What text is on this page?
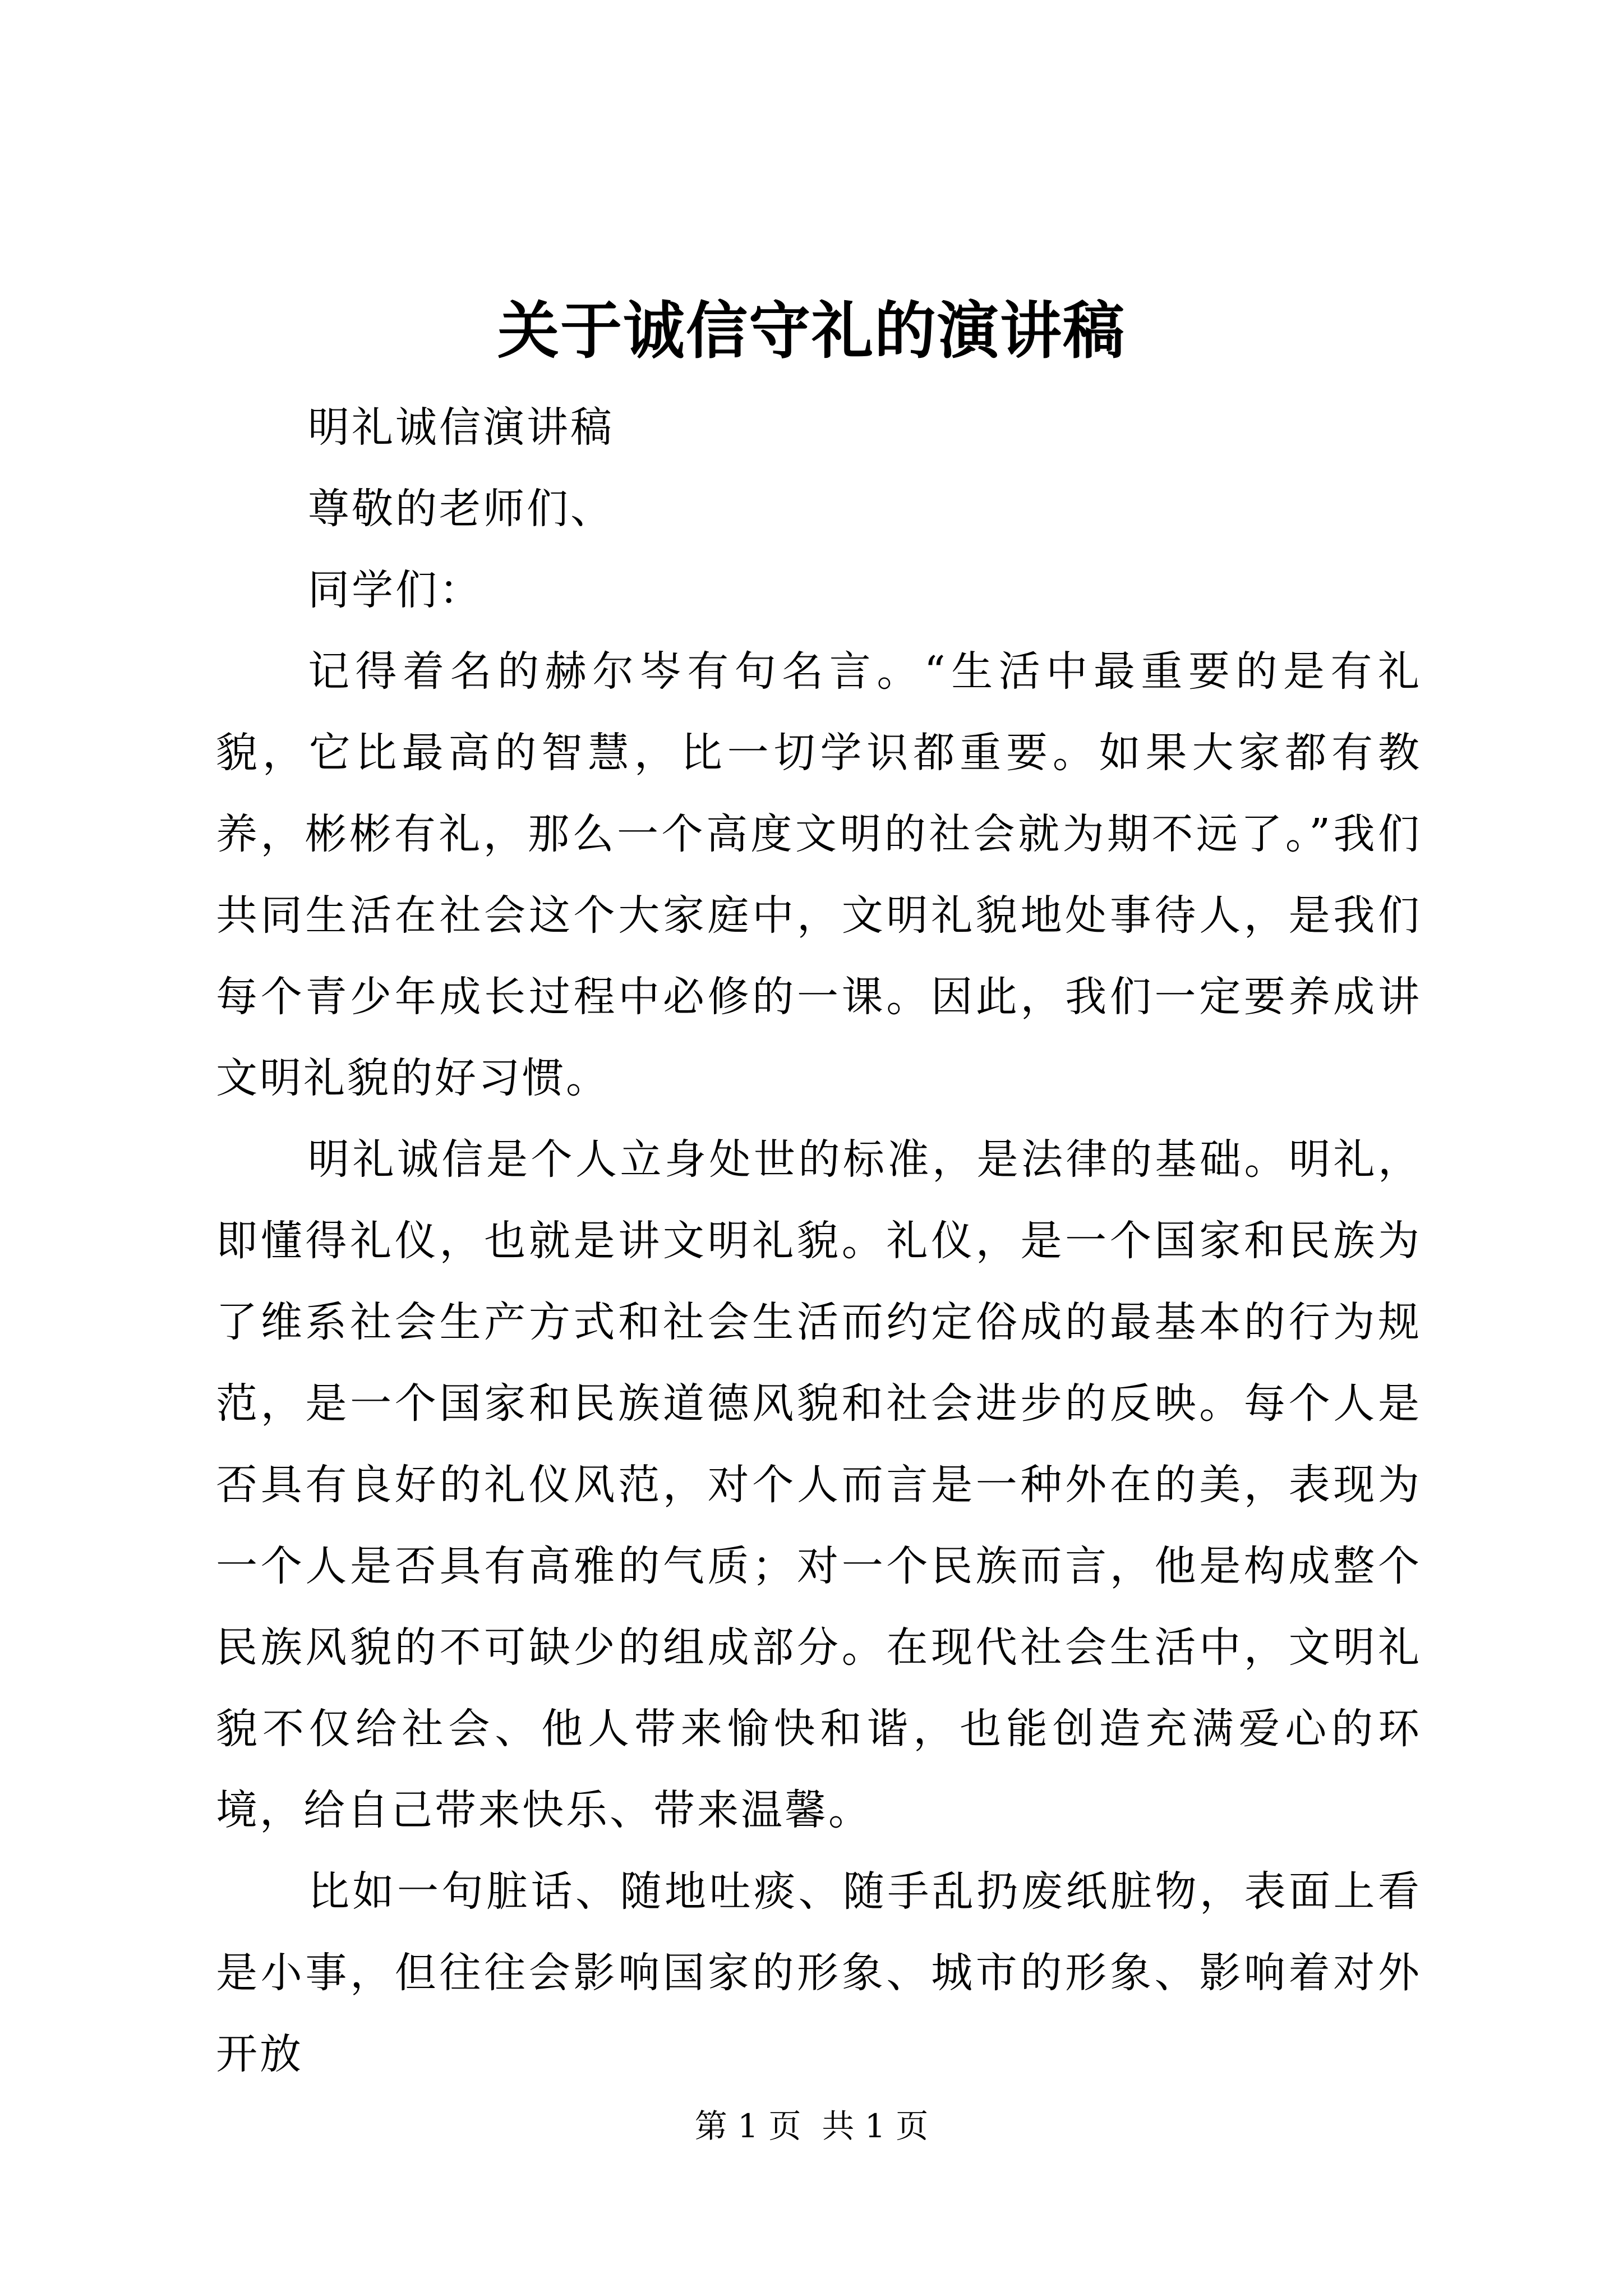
关于诚信守礼的演讲稿

明礼诚信演讲稿

尊敬的老师们、

同学们：

记得着名的赫尔岑有句名言。“生活中最重要的是有礼貌，它比最高的智慧，比一切学识都重要。如果大家都有教养，彬彬有礼，那么一个高度文明的社会就为期不远了。”我们共同生活在社会这个大家庭中，文明礼貌地处事待人，是我们每个青少年成长过程中必修的一课。因此，我们一定要养成讲文明礼貌的好习惯。

明礼诚信是个人立身处世的标准，是法律的基础。明礼，即懂得礼仪，也就是讲文明礼貌。礼仪，是一个国家和民族为了维系社会生产方式和社会生活而约定俗成的最基本的行为规范，是一个国家和民族道德风貌和社会进步的反映。每个人是否具有良好的礼仪风范，对个人而言是一种外在的美，表现为一个人是否具有高雅的气质；对一个民族而言，他是构成整个民族风貌的不可缺少的组成部分。在现代社会生活中，文明礼貌不仅给社会、他人带来愉快和谐，也能创造充满爱心的环境，给自己带来快乐、带来温馨。

比如一句脏话、随地吐痰、随手乱扔废纸脏物，表面上看是小事，但往往会影响国家的形象、城市的形象、影响着对外开放

第 1 页  共 1 页
